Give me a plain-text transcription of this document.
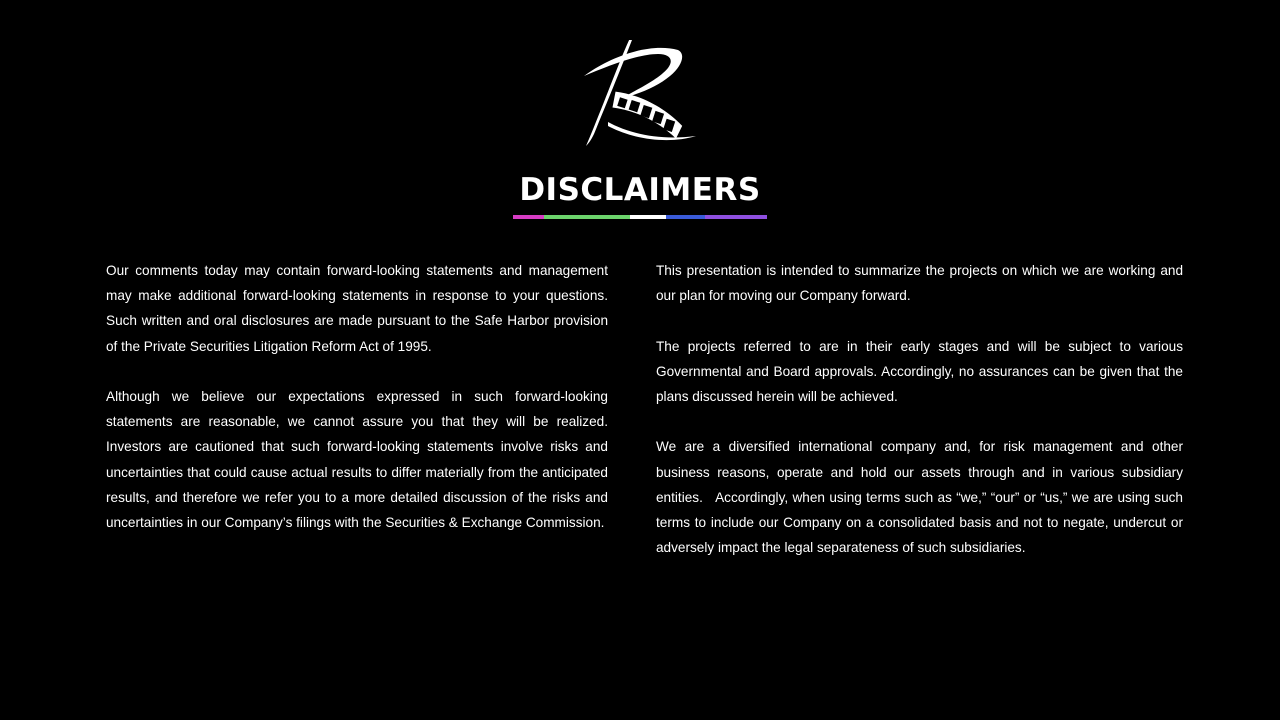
DISCLAIMERS

Our comments today may contain forward-looking statements and management may make additional forward-looking statements in response to your questions. Such written and oral disclosures are made pursuant to the Safe Harbor provision of the Private Securities Litigation Reform Act of 1995.

Although we believe our expectations expressed in such forward-looking statements are reasonable, we cannot assure you that they will be realized. Investors are cautioned that such forward-looking statements involve risks and uncertainties that could cause actual results to differ materially from the anticipated results, and therefore we refer you to a more detailed discussion of the risks and uncertainties in our Company’s filings with the Securities & Exchange Commission.

This presentation is intended to summarize the projects on which we are working and our plan for moving our Company forward.

The projects referred to are in their early stages and will be subject to various Governmental and Board approvals. Accordingly, no assurances can be given that the plans discussed herein will be achieved.

We are a diversified international company and, for risk management and other business reasons, operate and hold our assets through and in various subsidiary entities.   Accordingly, when using terms such as “we,” “our” or “us,” we are using such terms to include our Company on a consolidated basis and not to negate, undercut or adversely impact the legal separateness of such subsidiaries.
